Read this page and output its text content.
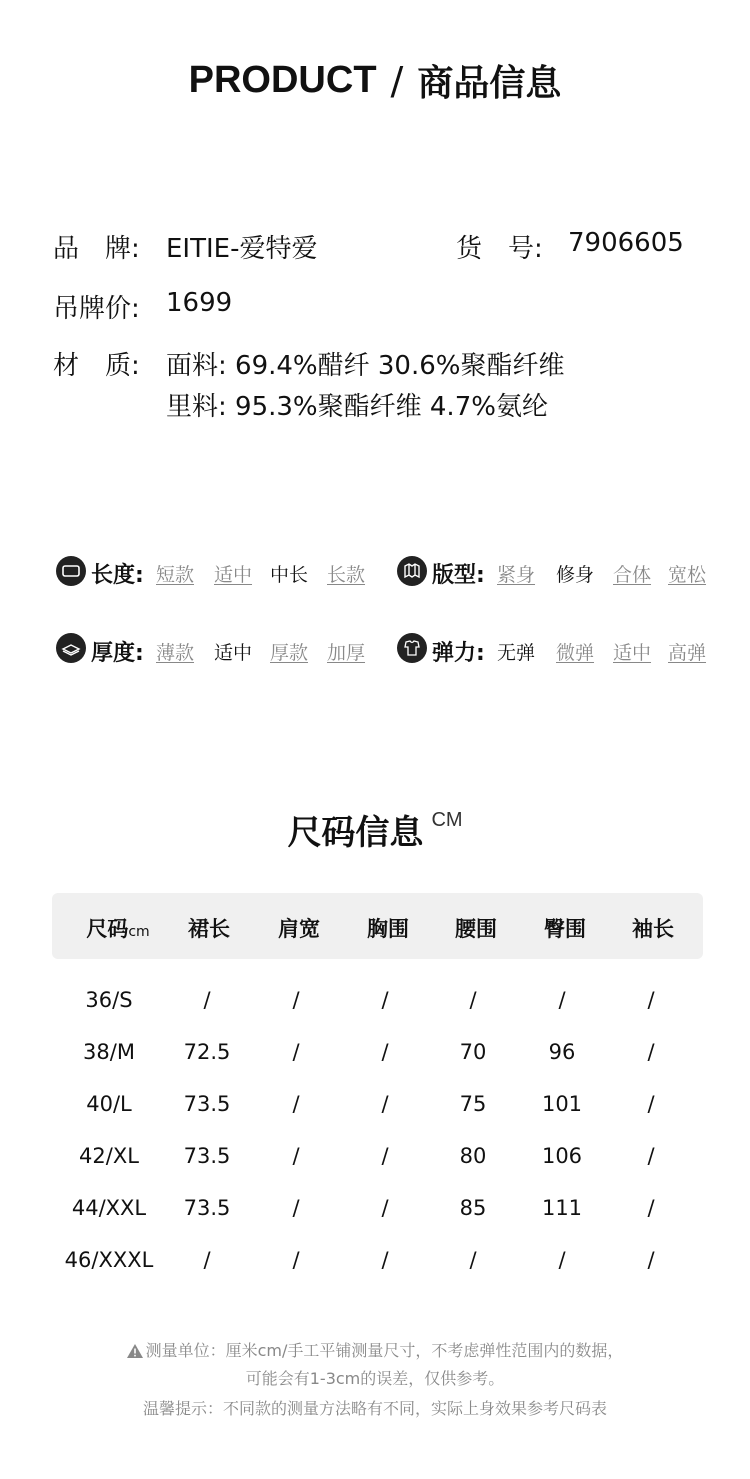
PRODUCT / 商品信息
品　牌: EITIE-爱特爱	货　号: 7906605
吊牌价: 1699
材　质: 面料: 69.4%醋纤 30.6%聚酯纤维
里料: 95.3%聚酯纤维 4.7%氨纶
长度: 短款 适中 中长 长款	版型: 紧身 修身 合体 宽松
厚度: 薄款 适中 厚款 加厚	弹力: 无弹 微弹 适中 高弹
尺码信息 CM
尺码cm	裙长	肩宽	胸围	腰围	臀围	袖长
36/S	/	/	/	/	/	/
38/M	72.5	/	/	70	96	/
40/L	73.5	/	/	75	101	/
42/XL	73.5	/	/	80	106	/
44/XXL	73.5	/	/	85	111	/
46/XXXL	/	/	/	/	/	/
测量单位：厘米cm/手工平铺测量尺寸，不考虑弹性范围内的数据，
可能会有1-3cm的误差，仅供参考。
温馨提示：不同款的测量方法略有不同，实际上身效果参考尺码表
